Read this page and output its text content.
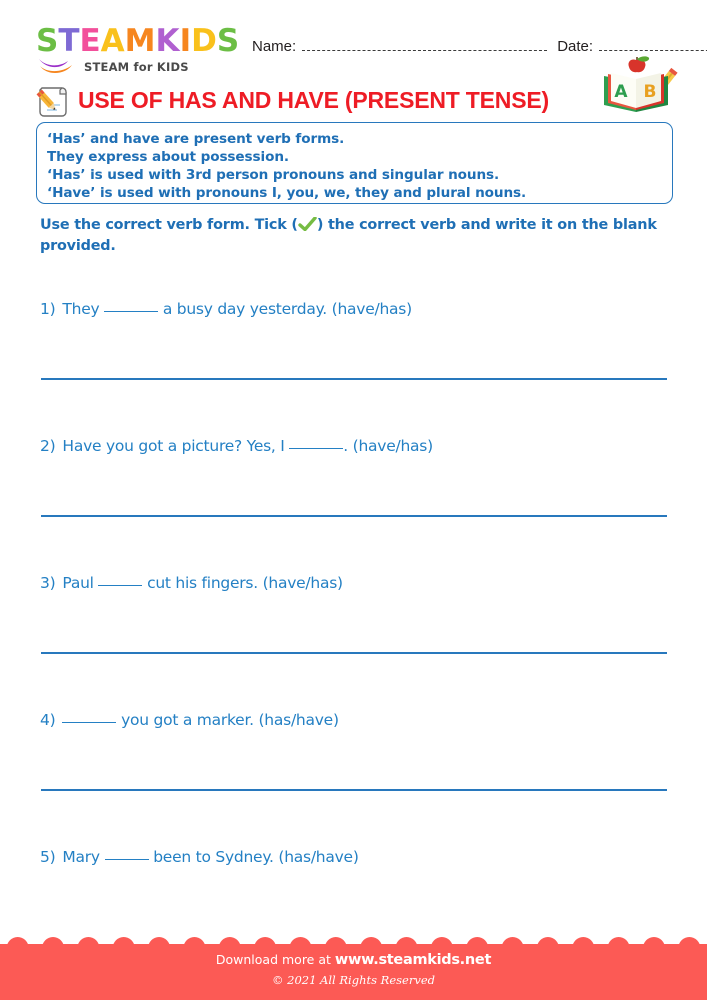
S T E A M K I D S
STEAM for KIDS
Name:	Date:
USE OF HAS AND HAVE (PRESENT TENSE)	A B
‘Has’ and have are present verb forms.
They express about possession.
‘Has’ is used with 3rd person pronouns and singular nouns.
‘Have’ is used with pronouns I, you, we, they and plural nouns.
Use the correct verb form. Tick ( ) the correct verb and write it on the blank provided.
1) They	a busy day yesterday. (have/has)
2) Have you got a picture? Yes, I	. (have/has)
3) Paul	cut his fingers. (have/has)
4)	you got a marker. (has/have)
5) Mary	been to Sydney. (has/have)
Download more at www.steamkids.net
© 2021 All Rights Reserved
